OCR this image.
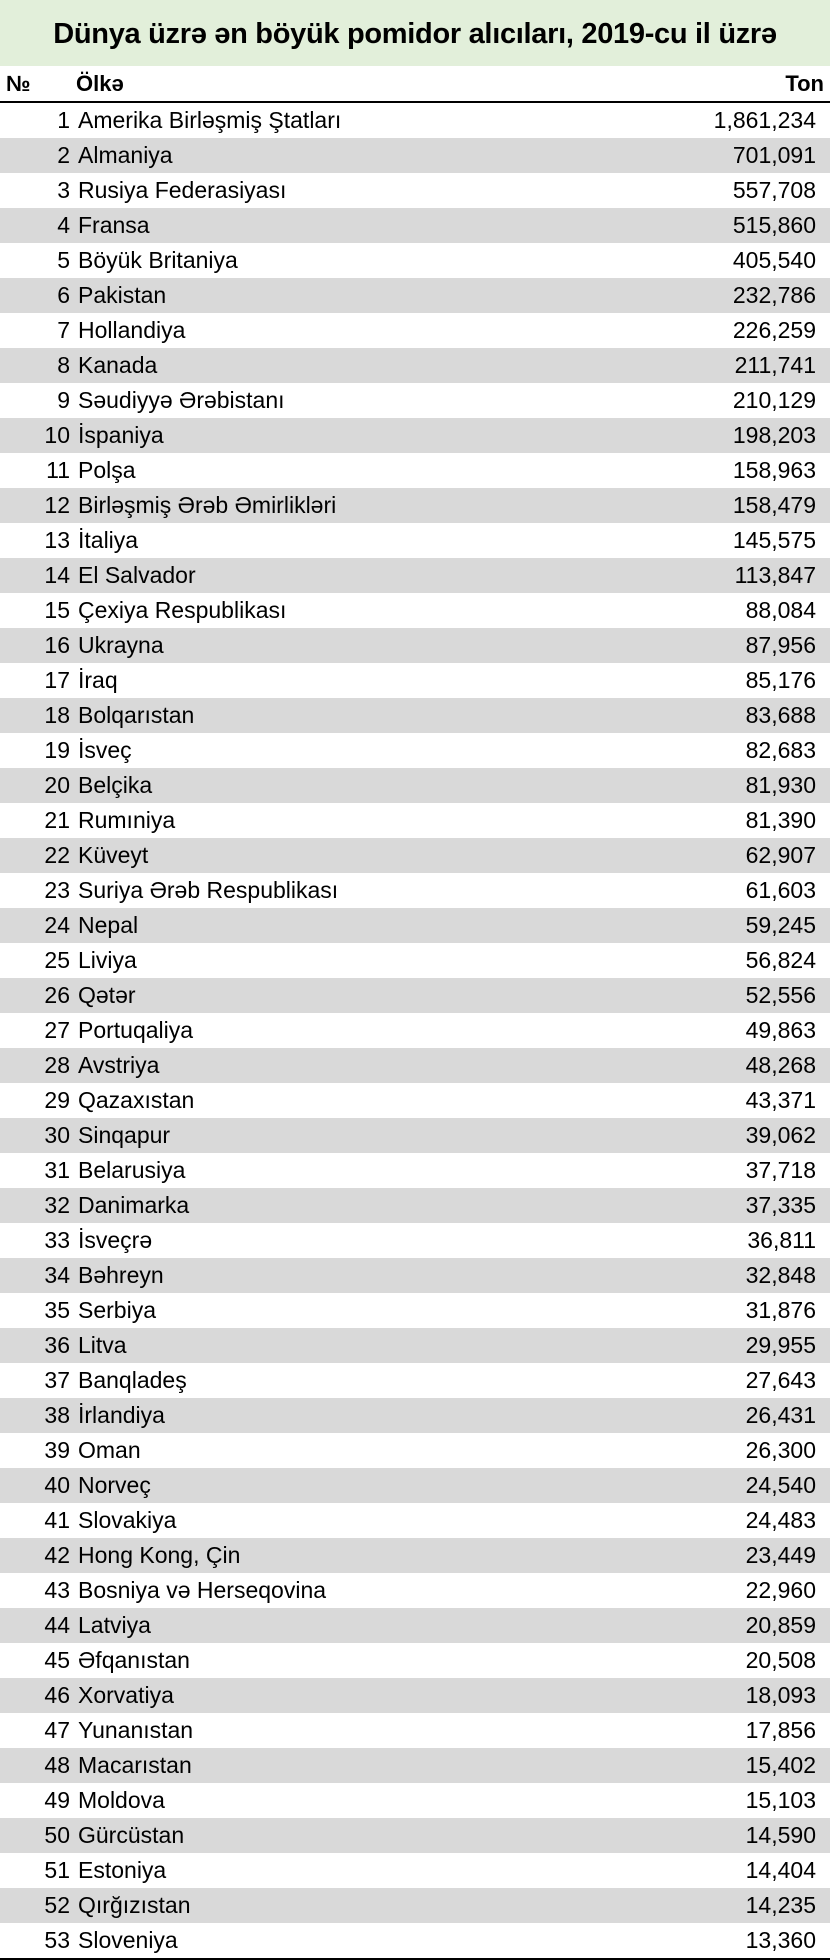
Dünya üzrə ən böyük pomidor alıcıları, 2019-cu il üzrə
№	Ölkə	Ton
1 Amerika Birləşmiş Ştatları	1,861,234
2 Almaniya	701,091
3 Rusiya Federasiyası	557,708
4 Fransa	515,860
5 Böyük Britaniya	405,540
6 Pakistan	232,786
7 Hollandiya	226,259
8 Kanada	211,741
9 Səudiyyə Ərəbistanı	210,129
10 İspaniya	198,203
11 Polşa	158,963
12 Birləşmiş Ərəb Əmirlikləri	158,479
13 İtaliya	145,575
14 El Salvador	113,847
15 Çexiya Respublikası	88,084
16 Ukrayna	87,956
17 İraq	85,176
18 Bolqarıstan	83,688
19 İsveç	82,683
20 Belçika	81,930
21 Rumıniya	81,390
22 Küveyt	62,907
23 Suriya Ərəb Respublikası	61,603
24 Nepal	59,245
25 Liviya	56,824
26 Qətər	52,556
27 Portuqaliya	49,863
28 Avstriya	48,268
29 Qazaxıstan	43,371
30 Sinqapur	39,062
31 Belarusiya	37,718
32 Danimarka	37,335
33 İsveçrə	36,811
34 Bəhreyn	32,848
35 Serbiya	31,876
36 Litva	29,955
37 Banqladeş	27,643
38 İrlandiya	26,431
39 Oman	26,300
40 Norveç	24,540
41 Slovakiya	24,483
42 Hong Kong, Çin	23,449
43 Bosniya və Herseqovina	22,960
44 Latviya	20,859
45 Əfqanıstan	20,508
46 Xorvatiya	18,093
47 Yunanıstan	17,856
48 Macarıstan	15,402
49 Moldova	15,103
50 Gürcüstan	14,590
51 Estoniya	14,404
52 Qırğızıstan	14,235
53 Sloveniya	13,360
